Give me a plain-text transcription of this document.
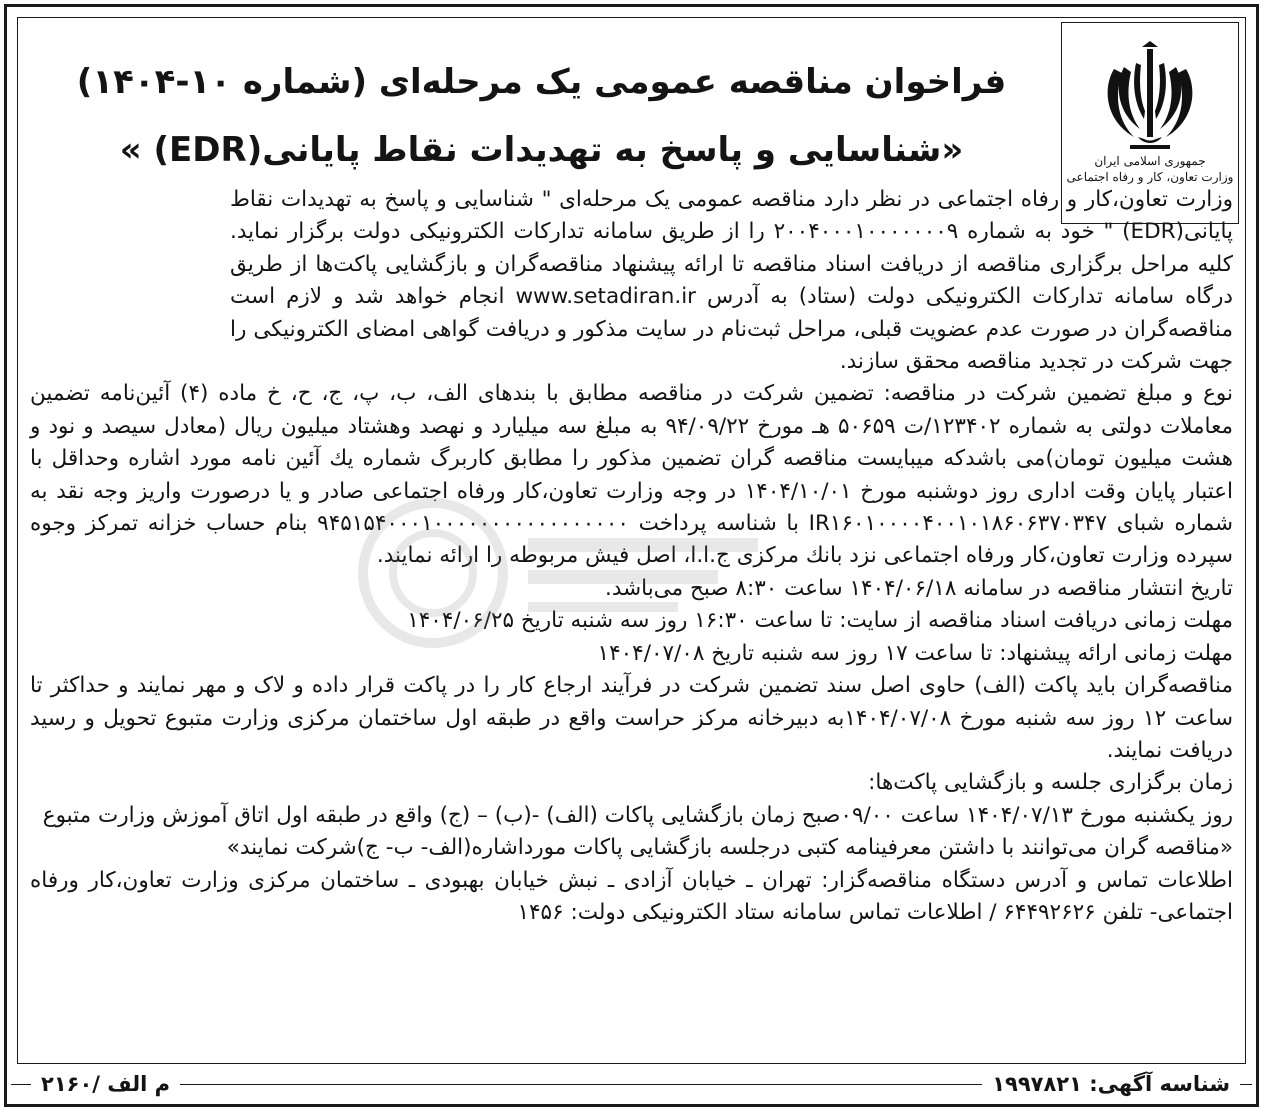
جمهوری اسلامی ایران
وزارت تعاون، کار و رفاه اجتماعی
فراخوان مناقصه عمومی یک مرحله‌ای (شماره ۱۰-۱۴۰۴)
«شناسایی و پاسخ به تهدیدات نقاط پایانی(EDR) »

وزارت تعاون،کار و رفاه اجتماعی در نظر دارد مناقصه عمومی یک مرحله‌ای " شناسایی و پاسخ به تهدیدات نقاط پایانی(EDR) " خود به شماره ۲۰۰۴۰۰۰۱۰۰۰۰۰۰۰۹ را از طریق سامانه تدارکات الکترونیکی دولت برگزار نماید. کلیه مراحل برگزاری مناقصه از دریافت اسناد مناقصه تا ارائه پیشنهاد مناقصه‌گران و بازگشایی پاکت‌ها از طریق درگاه سامانه تدارکات الکترونیکی دولت (ستاد) به آدرس www.setadiran.ir انجام خواهد شد و لازم است مناقصه‌گران در صورت عدم عضویت قبلی، مراحل ثبت‌نام در سایت مذکور و دریافت گواهی امضای الکترونیکی را جهت شرکت در تجدید مناقصه محقق سازند.

نوع و مبلغ تضمین شرکت در مناقصه: تضمین شرکت در مناقصه مطابق با بندهای الف، ب، پ، ج، ح، خ ماده (۴) آئین‌نامه تضمین معاملات دولتی به شماره ۱۲۳۴۰۲/ت ۵۰۶۵۹ هـ مورخ ۹۴/۰۹/۲۲ به مبلغ سه میلیارد و نهصد وهشتاد میلیون ریال (معادل سیصد و نود و هشت میلیون تومان)می باشدکه میبایست مناقصه گران تضمین مذکور را مطابق کاربرگ شماره یك آئین نامه مورد اشاره وحداقل با اعتبار پایان وقت اداری روز دوشنبه مورخ ۱۴۰۴/۱۰/۰۱ در وجه وزارت تعاون،کار ورفاه اجتماعی صادر و یا درصورت واریز وجه نقد به شماره شبای IR۱۶۰۱۰۰۰۰۴۰۰۱۰۱۸۶۰۶۳۷۰۳۴۷ با شناسه پرداخت ۹۴۵۱۵۴۰۰۰۱۰۰۰۰۰۰۰۰۰۰۰۰۰۰۰۰۰ بنام حساب خزانه تمرکز وجوه سپرده وزارت تعاون،کار ورفاه اجتماعی نزد بانك مرکزی ج.ا.ا، اصل فیش مربوطه را ارائه نمایند.

تاریخ انتشار مناقصه در سامانه ۱۴۰۴/۰۶/۱۸ ساعت ۸:۳۰ صبح می‌باشد.

مهلت زمانی دریافت اسناد مناقصه از سایت: تا ساعت ۱۶:۳۰ روز سه شنبه تاریخ ۱۴۰۴/۰۶/۲۵

مهلت زمانی ارائه پیشنهاد: تا ساعت ۱۷ روز سه شنبه تاریخ ۱۴۰۴/۰۷/۰۸

مناقصه‌گران باید پاکت (الف) حاوی اصل سند تضمین شرکت در فرآیند ارجاع کار را در پاکت قرار داده و لاک و مهر نمایند و حداکثر تا ساعت ۱۲ روز سه شنبه مورخ ۱۴۰۴/۰۷/۰۸به دبیرخانه مرکز حراست واقع در طبقه اول ساختمان مرکزی وزارت متبوع تحویل و رسید دریافت نمایند.

زمان برگزاری جلسه و بازگشایی پاکت‌ها:

روز یکشنبه مورخ ۱۴۰۴/۰۷/۱۳ ساعت ۰۹/۰۰صبح زمان بازگشایی پاکات (الف) -(ب) – (ج) واقع در طبقه اول اتاق آموزش وزارت متبوع

«مناقصه گران می‌توانند با داشتن معرفینامه کتبی درجلسه بازگشایی پاکات مورداشاره(الف- ب- ج)شرکت نمایند»

اطلاعات تماس و آدرس دستگاه مناقصه‌گزار: تهران ـ خیابان آزادی ـ نبش خیابان بهبودی ـ ساختمان مرکزی وزارت تعاون،کار ورفاه اجتماعی- تلفن ۶۴۴۹۲۶۲۶ / اطلاعات تماس سامانه ستاد الکترونیکی دولت: ۱۴۵۶

شناسه آگهی: ۱۹۹۷۸۲۱
م الف /۲۱۶۰
